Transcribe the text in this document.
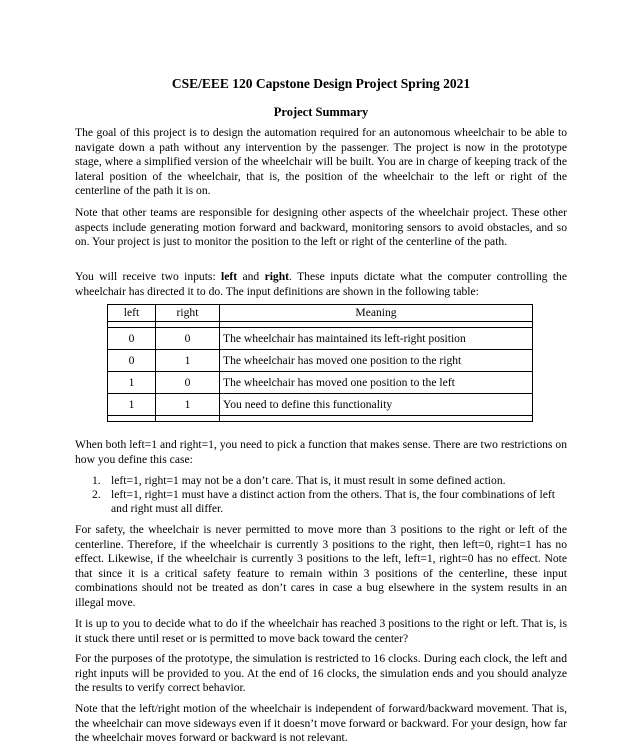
CSE/EEE 120 Capstone Design Project Spring 2021
Project Summary

The goal of this project is to design the automation required for an autonomous wheelchair to be able to navigate down a path without any intervention by the passenger. The project is now in the prototype stage, where a simplified version of the wheelchair will be built. You are in charge of keeping track of the lateral position of the wheelchair, that is, the position of the wheelchair to the left or right of the centerline of the path it is on.

Note that other teams are responsible for designing other aspects of the wheelchair project. These other aspects include generating motion forward and backward, monitoring sensors to avoid obstacles, and so on. Your project is just to monitor the position to the left or right of the centerline of the path.

You will receive two inputs: left and right. These inputs dictate what the computer controlling the wheelchair has directed it to do. The input definitions are shown in the following table:

left	right	Meaning

0	0	The wheelchair has maintained its left-right position
0	1	The wheelchair has moved one position to the right
1	0	The wheelchair has moved one position to the left
1	1	You need to define this functionality

When both left=1 and right=1, you need to pick a function that makes sense. There are two restrictions on how you define this case:

1. left=1, right=1 may not be a don’t care. That is, it must result in some defined action.
2. left=1, right=1 must have a distinct action from the others. That is, the four combinations of left and right must all differ.

For safety, the wheelchair is never permitted to move more than 3 positions to the right or left of the centerline. Therefore, if the wheelchair is currently 3 positions to the right, then left=0, right=1 has no effect. Likewise, if the wheelchair is currently 3 positions to the left, left=1, right=0 has no effect. Note that since it is a critical safety feature to remain within 3 positions of the centerline, these input combinations should not be treated as don’t cares in case a bug elsewhere in the system results in an illegal move.

It is up to you to decide what to do if the wheelchair has reached 3 positions to the right or left. That is, is it stuck there until reset or is permitted to move back toward the center?

For the purposes of the prototype, the simulation is restricted to 16 clocks. During each clock, the left and right inputs will be provided to you. At the end of 16 clocks, the simulation ends and you should analyze the results to verify correct behavior.

Note that the left/right motion of the wheelchair is independent of forward/backward movement. That is, the wheelchair can move sideways even if it doesn’t move forward or backward. For your design, how far the wheelchair moves forward or backward is not relevant.
